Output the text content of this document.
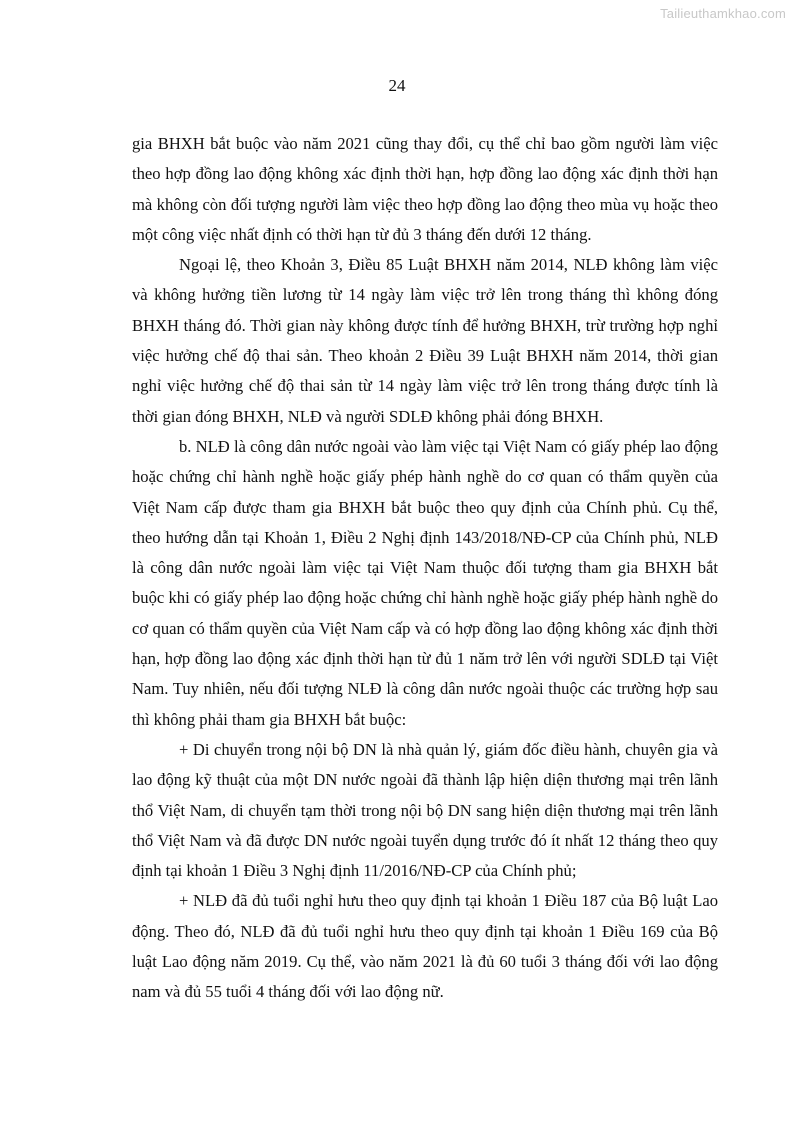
Tailieuthamkhao.com
24

gia BHXH bắt buộc vào năm 2021 cũng thay đổi, cụ thể chỉ bao gồm người làm việc theo hợp đồng lao động không xác định thời hạn, hợp đồng lao động xác định thời hạn mà không còn đối tượng người làm việc theo hợp đồng lao động theo mùa vụ hoặc theo một công việc nhất định có thời hạn từ đủ 3 tháng đến dưới 12 tháng.

Ngoại lệ, theo Khoản 3, Điều 85 Luật BHXH năm 2014, NLĐ không làm việc và không hưởng tiền lương từ 14 ngày làm việc trở lên trong tháng thì không đóng BHXH tháng đó. Thời gian này không được tính để hưởng BHXH, trừ trường hợp nghỉ việc hưởng chế độ thai sản. Theo khoản 2 Điều 39 Luật BHXH năm 2014, thời gian nghỉ việc hưởng chế độ thai sản từ 14 ngày làm việc trở lên trong tháng được tính là thời gian đóng BHXH, NLĐ và người SDLĐ không phải đóng BHXH.

b. NLĐ là công dân nước ngoài vào làm việc tại Việt Nam có giấy phép lao động hoặc chứng chỉ hành nghề hoặc giấy phép hành nghề do cơ quan có thẩm quyền của Việt Nam cấp được tham gia BHXH bắt buộc theo quy định của Chính phủ. Cụ thể, theo hướng dẫn tại Khoản 1, Điều 2 Nghị định 143/2018/NĐ-CP của Chính phủ, NLĐ là công dân nước ngoài làm việc tại Việt Nam thuộc đối tượng tham gia BHXH bắt buộc khi có giấy phép lao động hoặc chứng chỉ hành nghề hoặc giấy phép hành nghề do cơ quan có thẩm quyền của Việt Nam cấp và có hợp đồng lao động không xác định thời hạn, hợp đồng lao động xác định thời hạn từ đủ 1 năm trở lên với người SDLĐ tại Việt Nam. Tuy nhiên, nếu đối tượng NLĐ là công dân nước ngoài thuộc các trường hợp sau thì không phải tham gia BHXH bắt buộc:

+ Di chuyển trong nội bộ DN là nhà quản lý, giám đốc điều hành, chuyên gia và lao động kỹ thuật của một DN nước ngoài đã thành lập hiện diện thương mại trên lãnh thổ Việt Nam, di chuyển tạm thời trong nội bộ DN sang hiện diện thương mại trên lãnh thổ Việt Nam và đã được DN nước ngoài tuyển dụng trước đó ít nhất 12 tháng theo quy định tại khoản 1 Điều 3 Nghị định 11/2016/NĐ-CP của Chính phủ;

+ NLĐ đã đủ tuổi nghỉ hưu theo quy định tại khoản 1 Điều 187 của Bộ luật Lao động. Theo đó, NLĐ đã đủ tuổi nghỉ hưu theo quy định tại khoản 1 Điều 169 của Bộ luật Lao động năm 2019. Cụ thể, vào năm 2021 là đủ 60 tuổi 3 tháng đối với lao động nam và đủ 55 tuổi 4 tháng đối với lao động nữ.
